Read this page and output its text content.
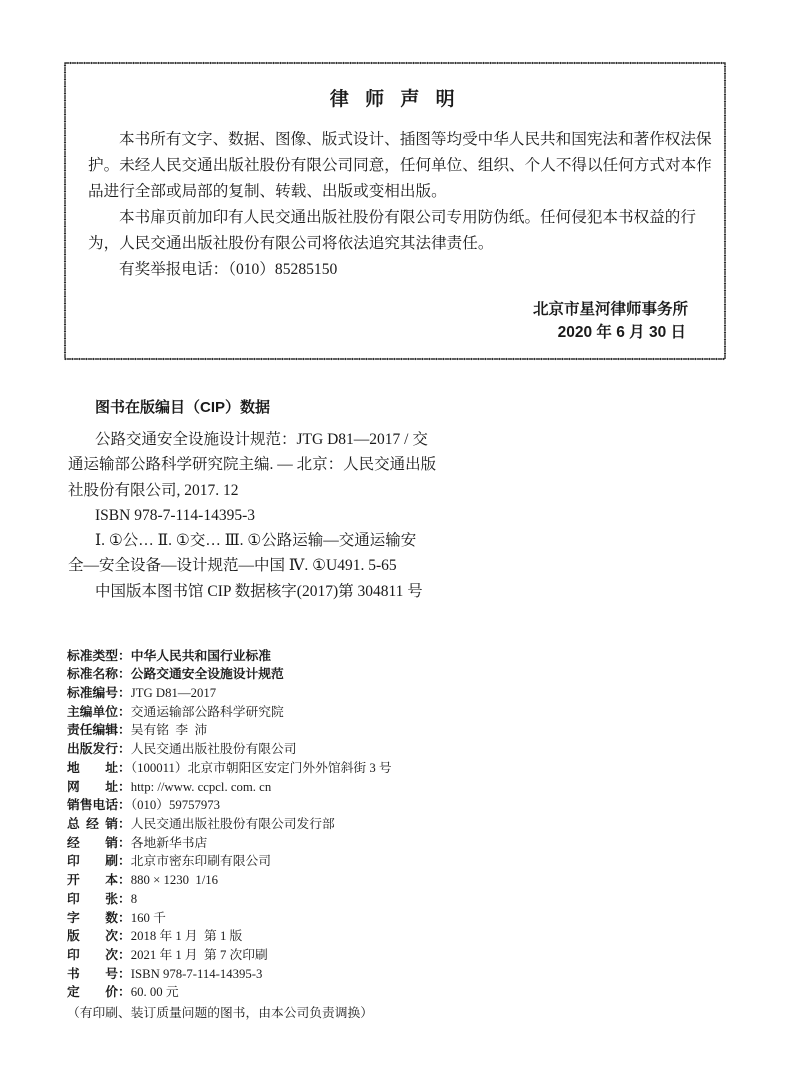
律 师 声 明
本书所有文字、数据、图像、版式设计、插图等均受中华人民共和国宪法和著作权法保
护。未经人民交通出版社股份有限公司同意，任何单位、组织、个人不得以任何方式对本作
品进行全部或局部的复制、转载、出版或变相出版。
本书扉页前加印有人民交通出版社股份有限公司专用防伪纸。任何侵犯本书权益的行
为，人民交通出版社股份有限公司将依法追究其法律责任。
有奖举报电话：（010）85285150
北京市星河律师事务所
2020 年 6 月 30 日
图书在版编目（CIP）数据
公路交通安全设施设计规范：JTG D81—2017 / 交
通运输部公路科学研究院主编. — 北京：人民交通出版
社股份有限公司, 2017. 12
ISBN 978-7-114-14395-3
Ⅰ. ①公… Ⅱ. ①交… Ⅲ. ①公路运输—交通运输安
全—安全设备—设计规范—中国 Ⅳ. ①U491. 5-65
中国版本图书馆 CIP 数据核字(2017)第 304811 号
标准类型：中华人民共和国行业标准
标准名称：公路交通安全设施设计规范
标准编号：JTG D81—2017
主编单位：交通运输部公路科学研究院
责任编辑：吴有铭  李  沛
出版发行：人民交通出版社股份有限公司
地 址：（100011）北京市朝阳区安定门外外馆斜街 3 号
网 址：http: //www. ccpcl. com. cn
销售电话：（010）59757973
总 经 销：人民交通出版社股份有限公司发行部
经 销：各地新华书店
印 刷：北京市密东印刷有限公司
开 本：880 × 1230  1/16
印 张：8
字 数：160 千
版 次：2018 年 1 月  第 1 版
印 次：2021 年 1 月  第 7 次印刷
书 号：ISBN 978-7-114-14395-3
定 价：60. 00 元
（有印刷、装订质量问题的图书，由本公司负责调换）
